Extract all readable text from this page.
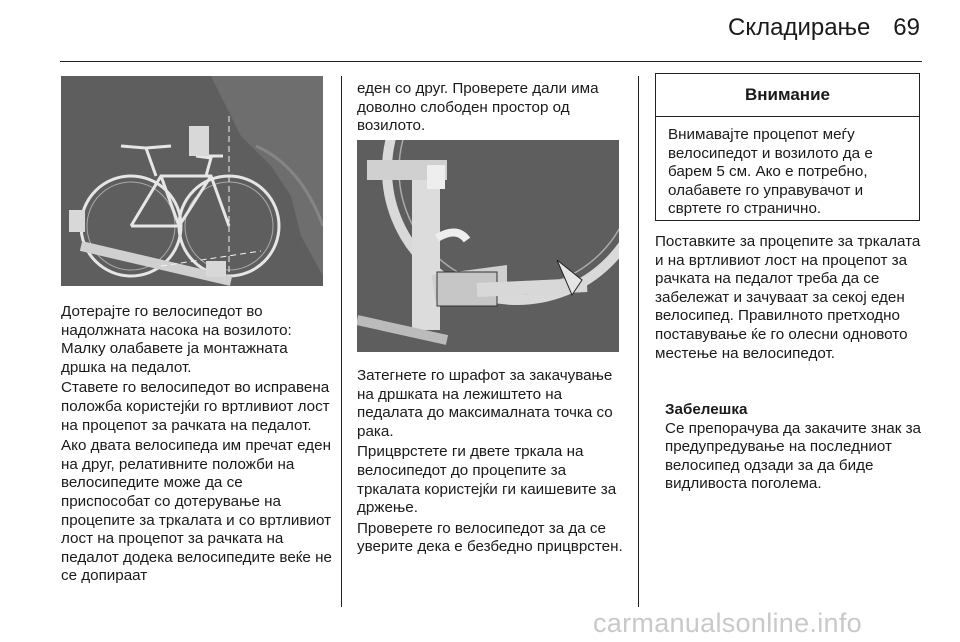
Складирање 69

Дотерајте го велосипедот во надолжната насока на возилото: Малку олабавете ја монтажната дршка на педалот.

Ставете го велосипедот во исправена положба користејќи го вртливиот лост на процепот за рачката на педалот.

Ако двата велосипеда им пречат еден на друг, релативните положби на велосипедите може да се приспособат со дотерување на процепите за тркалата и со вртливиот лост на процепот за рачката на педалот додека велосипедите веќе не се допираат

еден со друг. Проверете дали има доволно слободен простор од возилото.

Затегнете го шрафот за закачување на дршката на лежиштето на педалата до максималната точка со рака.

Прицврстете ги двете тркала на велосипедот до процепите за тркалата користејќи ги каишевите за држење.

Проверете го велосипедот за да се уверите дека е безбедно прицврстен.

Внимание
Внимавајте процепот меѓу велосипедот и возилото да е барем 5 см. Ако е потребно, олабавете го управувачот и свртете го странично.

Поставките за процепите за тркалата и на вртливиот лост на процепот за рачката на педалот треба да се забележат и зачуваат за секој еден велосипед. Правилното претходно поставување ќе го олесни одновото местење на велосипедот.

Забелешка

Се препорачува да закачите знак за предупредување на последниот велосипед одзади за да биде видливоста поголема.

carmanualsonline.info
